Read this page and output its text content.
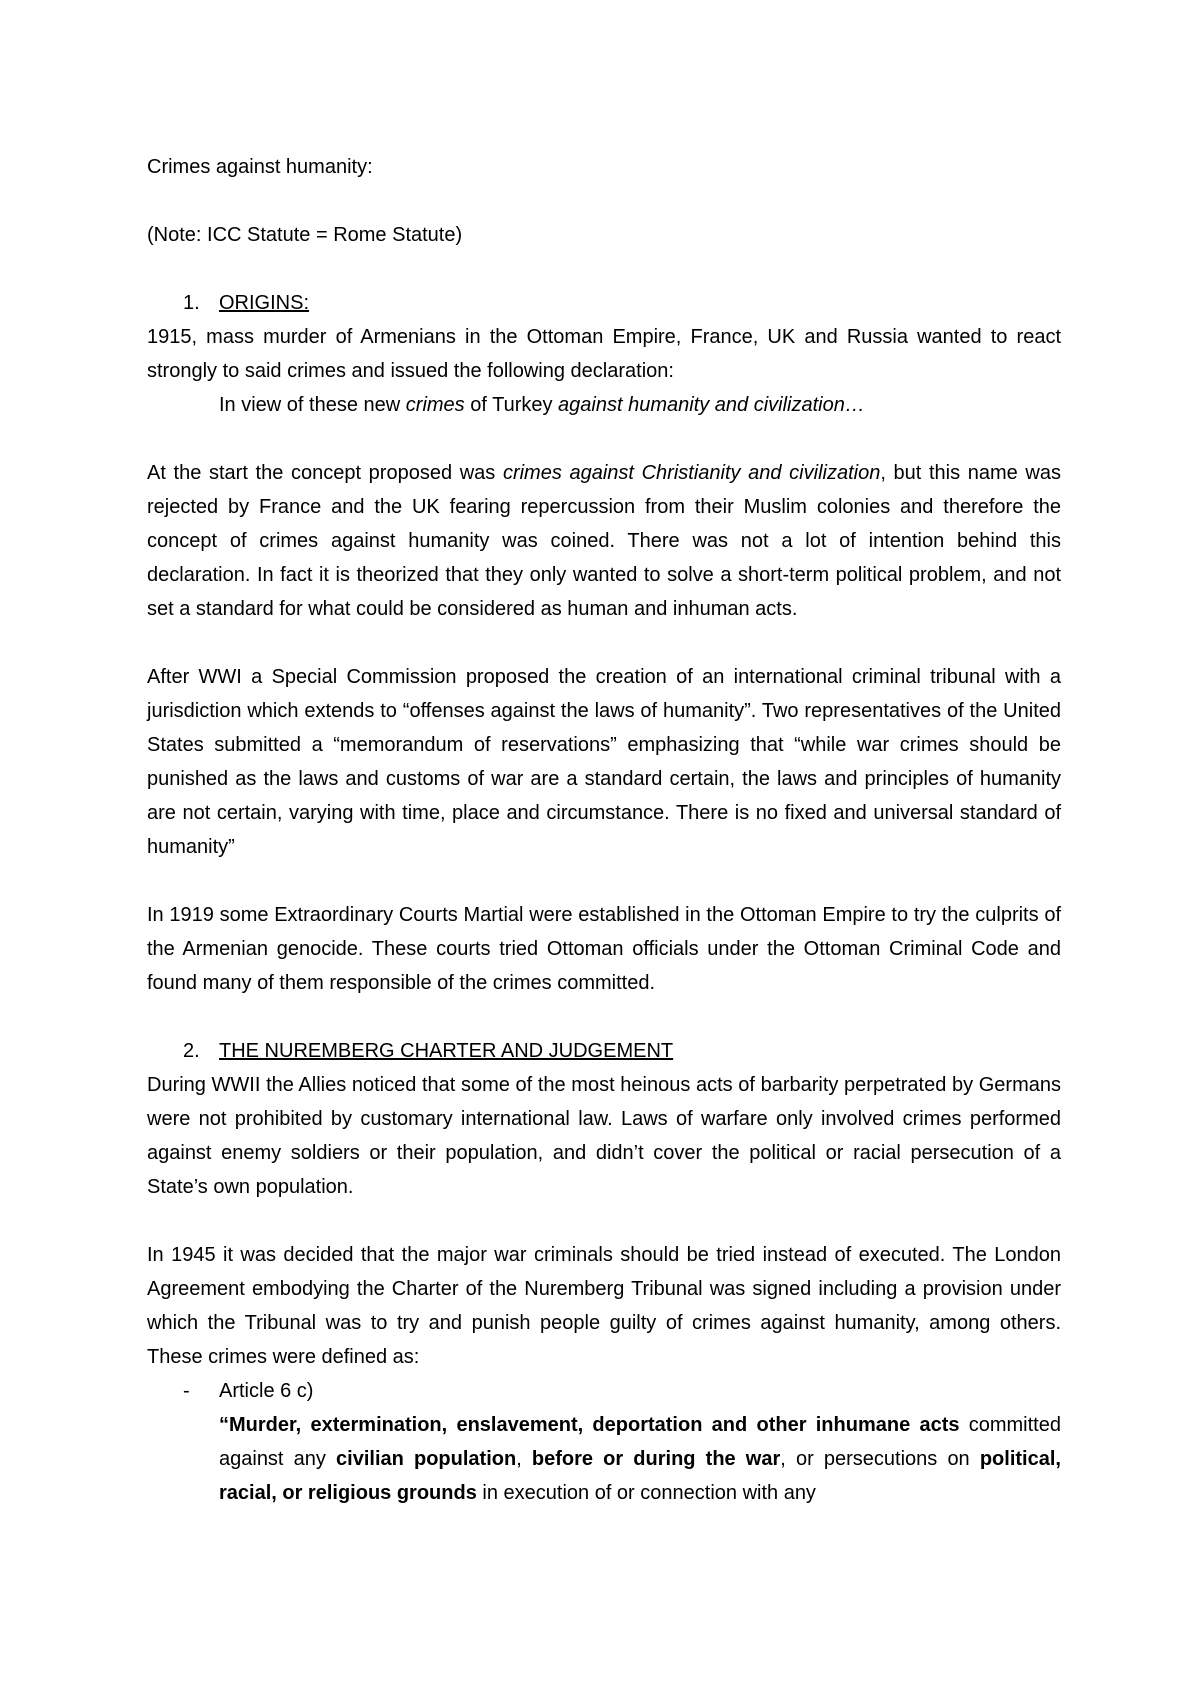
Crimes against humanity:

(Note: ICC Statute = Rome Statute)

1. ORIGINS:

1915, mass murder of Armenians in the Ottoman Empire, France, UK and Russia wanted to react strongly to said crimes and issued the following declaration:

In view of these new crimes of Turkey against humanity and civilization…

At the start the concept proposed was crimes against Christianity and civilization, but this name was rejected by France and the UK fearing repercussion from their Muslim colonies and therefore the concept of crimes against humanity was coined. There was not a lot of intention behind this declaration. In fact it is theorized that they only wanted to solve a short-term political problem, and not set a standard for what could be considered as human and inhuman acts.

After WWI a Special Commission proposed the creation of an international criminal tribunal with a jurisdiction which extends to “offenses against the laws of humanity”. Two representatives of the United States submitted a “memorandum of reservations” emphasizing that “while war crimes should be punished as the laws and customs of war are a standard certain, the laws and principles of humanity are not certain, varying with time, place and circumstance. There is no fixed and universal standard of humanity”

In 1919 some Extraordinary Courts Martial were established in the Ottoman Empire to try the culprits of the Armenian genocide. These courts tried Ottoman officials under the Ottoman Criminal Code and found many of them responsible of the crimes committed.

2. THE NUREMBERG CHARTER AND JUDGEMENT

During WWII the Allies noticed that some of the most heinous acts of barbarity perpetrated by Germans were not prohibited by customary international law. Laws of warfare only involved crimes performed against enemy soldiers or their population, and didn’t cover the political or racial persecution of a State’s own population.

In 1945 it was decided that the major war criminals should be tried instead of executed. The London Agreement embodying the Charter of the Nuremberg Tribunal was signed including a provision under which the Tribunal was to try and punish people guilty of crimes against humanity, among others. These crimes were defined as:

-	Article 6 c)

“Murder, extermination, enslavement, deportation and other inhumane acts committed against any civilian population, before or during the war, or persecutions on political, racial, or religious grounds in execution of or connection with any
